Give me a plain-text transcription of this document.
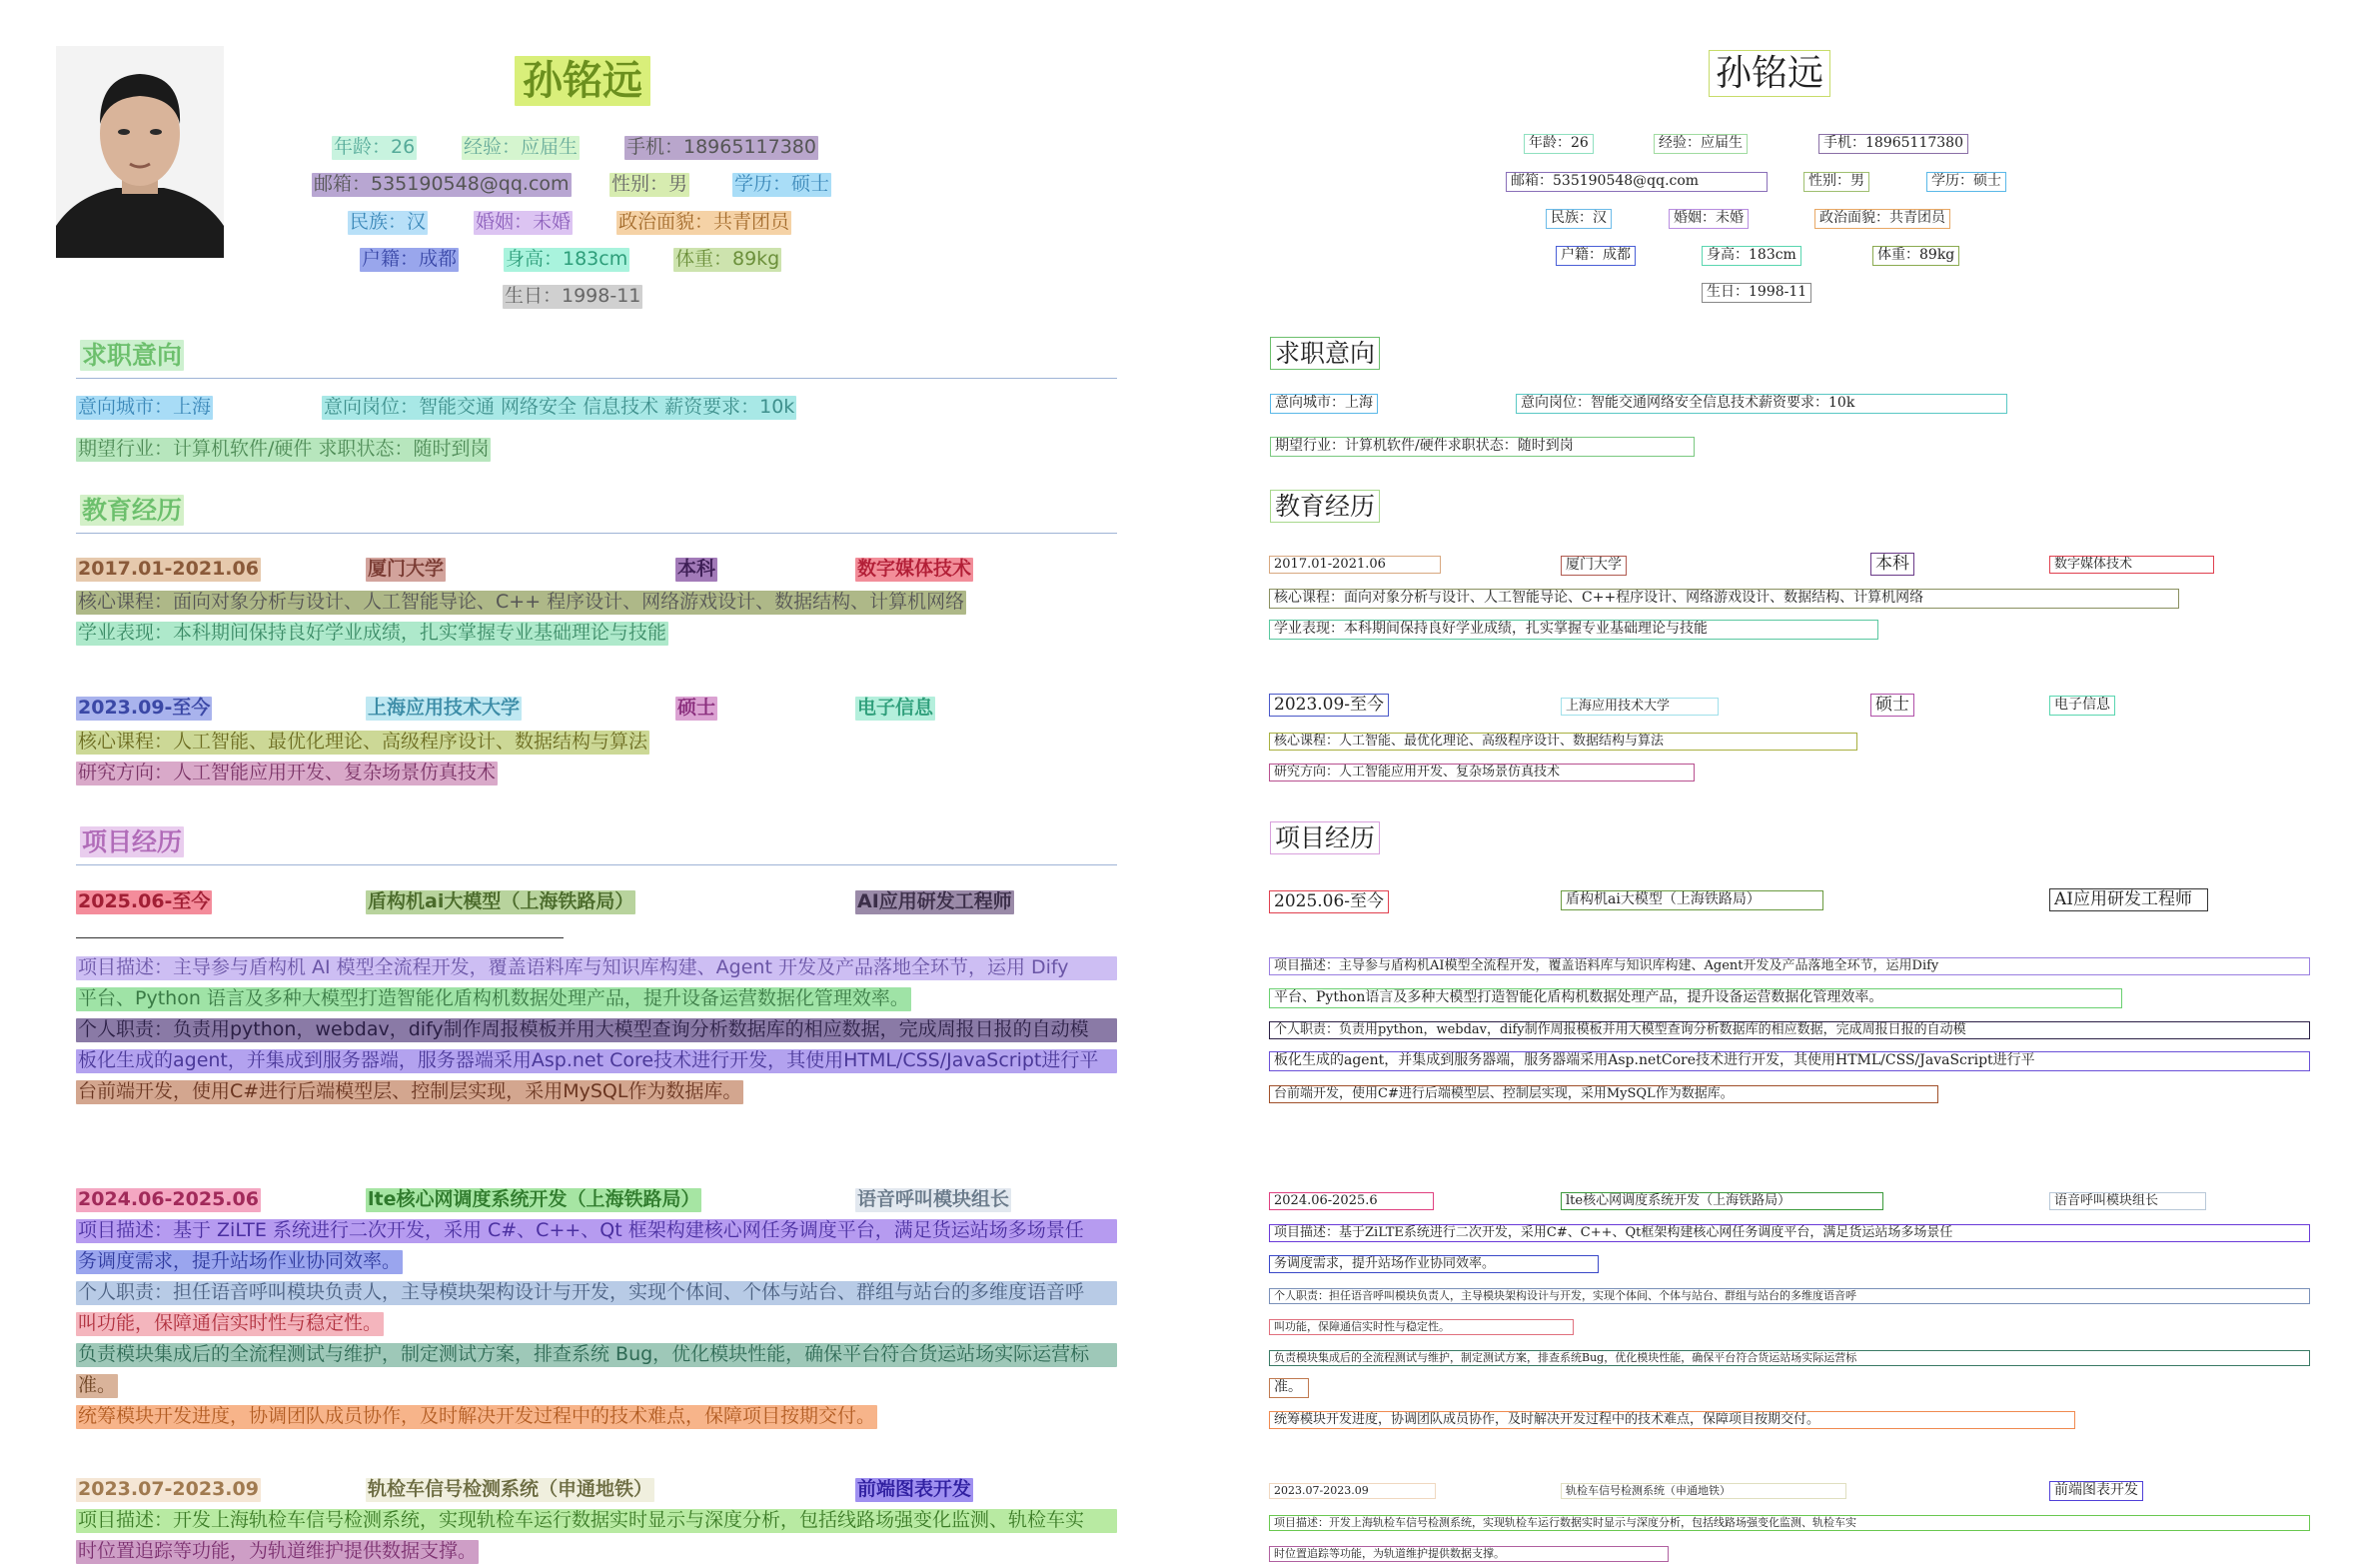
孙铭远
年龄：26	经验：应届生	手机：18965117380
邮箱：535190548@qq.com 性别：男 学历：硕士
民族：汉	婚姻：未婚	政治面貌：共青团员
户籍：成都	身高：183cm	体重：89kg
生日：1998-11
求职意向
意向城市：上海	意向岗位：智能交通 网络安全 信息技术 薪资要求：10k
期望行业：计算机软件/硬件 求职状态：随时到岗
教育经历
2017.01-2021.06	厦门大学	本科	数字媒体技术
核心课程：面向对象分析与设计、人工智能导论、C++ 程序设计、网络游戏设计、数据结构、计算机网络
学业表现：本科期间保持良好学业成绩，扎实掌握专业基础理论与技能
2023.09-至今	上海应用技术大学	硕士	电子信息
核心课程：人工智能、最优化理论、高级程序设计、数据结构与算法
研究方向：人工智能应用开发、复杂场景仿真技术
项目经历
2025.06-至今	盾构机ai大模型（上海铁路局）	AI应用研发工程师
项目描述：主导参与盾构机 AI 模型全流程开发，覆盖语料库与知识库构建、Agent 开发及产品落地全环节，运用 Dify
平台、Python 语言及多种大模型打造智能化盾构机数据处理产品，提升设备运营数据化管理效率。
个人职责：负责用python，webdav，dify制作周报模板并用大模型查询分析数据库的相应数据，完成周报日报的自动模
板化生成的agent，并集成到服务器端，服务器端采用Asp.net Core技术进行开发，其使用HTML/CSS/JavaScript进行平
台前端开发，使用C#进行后端模型层、控制层实现，采用MySQL作为数据库。
2024.06-2025.06	lte核心网调度系统开发（上海铁路局）	语音呼叫模块组长
项目描述：基于 ZiLTE 系统进行二次开发，采用 C#、C++、Qt 框架构建核心网任务调度平台，满足货运站场多场景任
务调度需求，提升站场作业协同效率。
个人职责：担任语音呼叫模块负责人，主导模块架构设计与开发，实现个体间、个体与站台、群组与站台的多维度语音呼
叫功能，保障通信实时性与稳定性。
负责模块集成后的全流程测试与维护，制定测试方案，排查系统 Bug，优化模块性能，确保平台符合货运站场实际运营标
准。
统筹模块开发进度，协调团队成员协作，及时解决开发过程中的技术难点，保障项目按期交付。
2023.07-2023.09	轨检车信号检测系统（申通地铁）	前端图表开发
项目描述：开发上海轨检车信号检测系统，实现轨检车运行数据实时显示与深度分析，包括线路场强变化监测、轨检车实
时位置追踪等功能，为轨道维护提供数据支撑。
孙铭远
年龄：26	经验：应届生	手机：18965117380
邮箱：535190548@qq.com	性别：男	学历：硕士
民族：汉	婚姻：未婚	政治面貌：共青团员
户籍：成都	身高：183cm	体重：89kg
生日：1998-11
求职意向
意向城市：上海	意向岗位：智能交通网络安全信息技术薪资要求：10k
期望行业：计算机软件/硬件求职状态：随时到岗
教育经历
2017.01-2021.06	厦门大学	本科	数字媒体技术
核心课程：面向对象分析与设计、人工智能导论、C++程序设计、网络游戏设计、数据结构、计算机网络
学业表现：本科期间保持良好学业成绩，扎实掌握专业基础理论与技能
2023.09-至今	上海应用技术大学	硕士	电子信息
核心课程：人工智能、最优化理论、高级程序设计、数据结构与算法
研究方向：人工智能应用开发、复杂场景仿真技术
项目经历
2025.06-至今	盾构机ai大模型（上海铁路局）	AI应用研发工程师
项目描述：主导参与盾构机AI模型全流程开发，覆盖语料库与知识库构建、Agent开发及产品落地全环节，运用Dify
平台、Python语言及多种大模型打造智能化盾构机数据处理产品，提升设备运营数据化管理效率。
个人职责：负责用python，webdav，dify制作周报模板并用大模型查询分析数据库的相应数据，完成周报日报的自动模
板化生成的agent，并集成到服务器端，服务器端采用Asp.netCore技术进行开发，其使用HTML/CSS/JavaScript进行平
台前端开发，使用C#进行后端模型层、控制层实现，采用MySQL作为数据库。
2024.06-2025.6	lte核心网调度系统开发（上海铁路局）	语音呼叫模块组长
项目描述：基于ZiLTE系统进行二次开发，采用C#、C++、Qt框架构建核心网任务调度平台，满足货运站场多场景任
务调度需求，提升站场作业协同效率。
个人职责：担任语音呼叫模块负责人，主导模块架构设计与开发，实现个体间、个体与站台、群组与站台的多维度语音呼
叫功能，保障通信实时性与稳定性。
负责模块集成后的全流程测试与维护，制定测试方案，排查系统Bug，优化模块性能，确保平台符合货运站场实际运营标
准。
统筹模块开发进度，协调团队成员协作，及时解决开发过程中的技术难点，保障项目按期交付。
2023.07-2023.09	轨检车信号检测系统（申通地铁）	前端图表开发
项目描述：开发上海轨检车信号检测系统，实现轨检车运行数据实时显示与深度分析，包括线路场强变化监测、轨检车实
时位置追踪等功能，为轨道维护提供数据支撑。
